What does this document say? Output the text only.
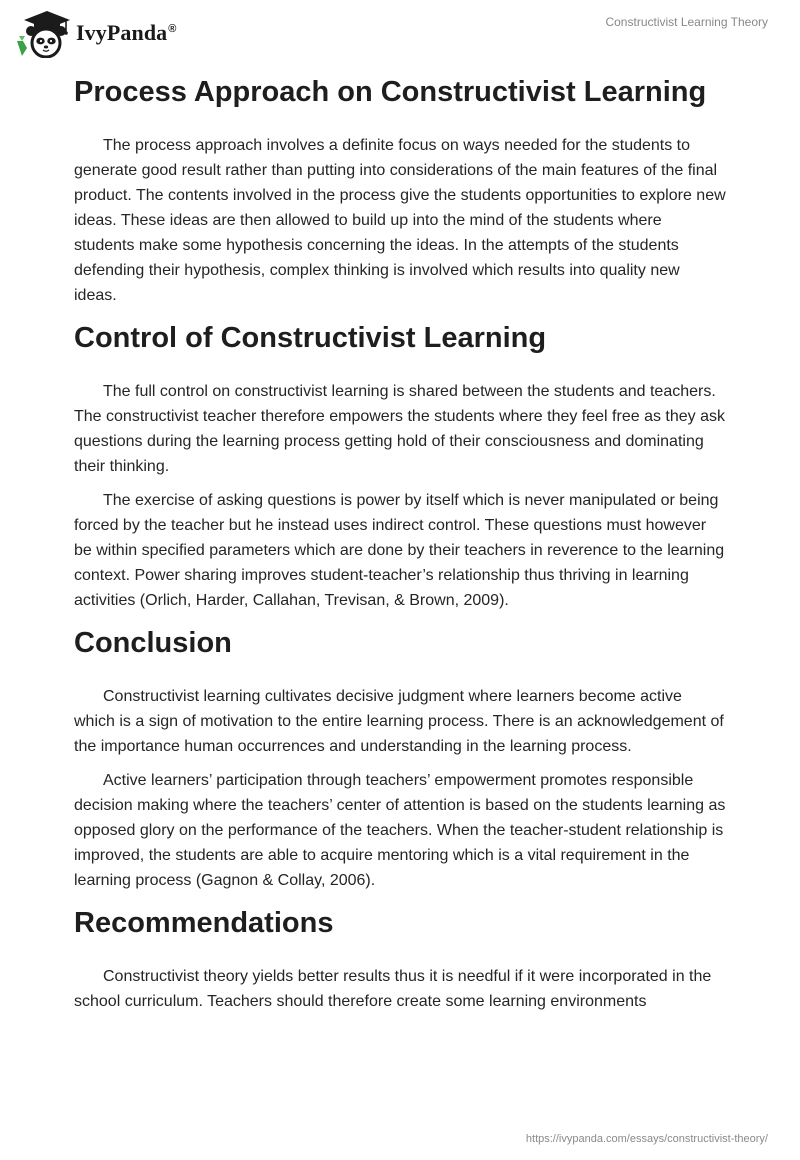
IvyPanda®	Constructivist Learning Theory
Process Approach on Constructivist Learning

The process approach involves a definite focus on ways needed for the students to generate good result rather than putting into considerations of the main features of the final product. The contents involved in the process give the students opportunities to explore new ideas. These ideas are then allowed to build up into the mind of the students where students make some hypothesis concerning the ideas. In the attempts of the students defending their hypothesis, complex thinking is involved which results into quality new ideas.

Control of Constructivist Learning

The full control on constructivist learning is shared between the students and teachers. The constructivist teacher therefore empowers the students where they feel free as they ask questions during the learning process getting hold of their consciousness and dominating their thinking.

The exercise of asking questions is power by itself which is never manipulated or being forced by the teacher but he instead uses indirect control. These questions must however be within specified parameters which are done by their teachers in reverence to the learning context. Power sharing improves student-teacher’s relationship thus thriving in learning activities (Orlich, Harder, Callahan, Trevisan, & Brown, 2009).

Conclusion

Constructivist learning cultivates decisive judgment where learners become active which is a sign of motivation to the entire learning process. There is an acknowledgement of the importance human occurrences and understanding in the learning process.

Active learners’ participation through teachers’ empowerment promotes responsible decision making where the teachers’ center of attention is based on the students learning as opposed glory on the performance of the teachers. When the teacher-student relationship is improved, the students are able to acquire mentoring which is a vital requirement in the learning process (Gagnon & Collay, 2006).

Recommendations

Constructivist theory yields better results thus it is needful if it were incorporated in the school curriculum. Teachers should therefore create some learning environments

https://ivypanda.com/essays/constructivist-theory/
